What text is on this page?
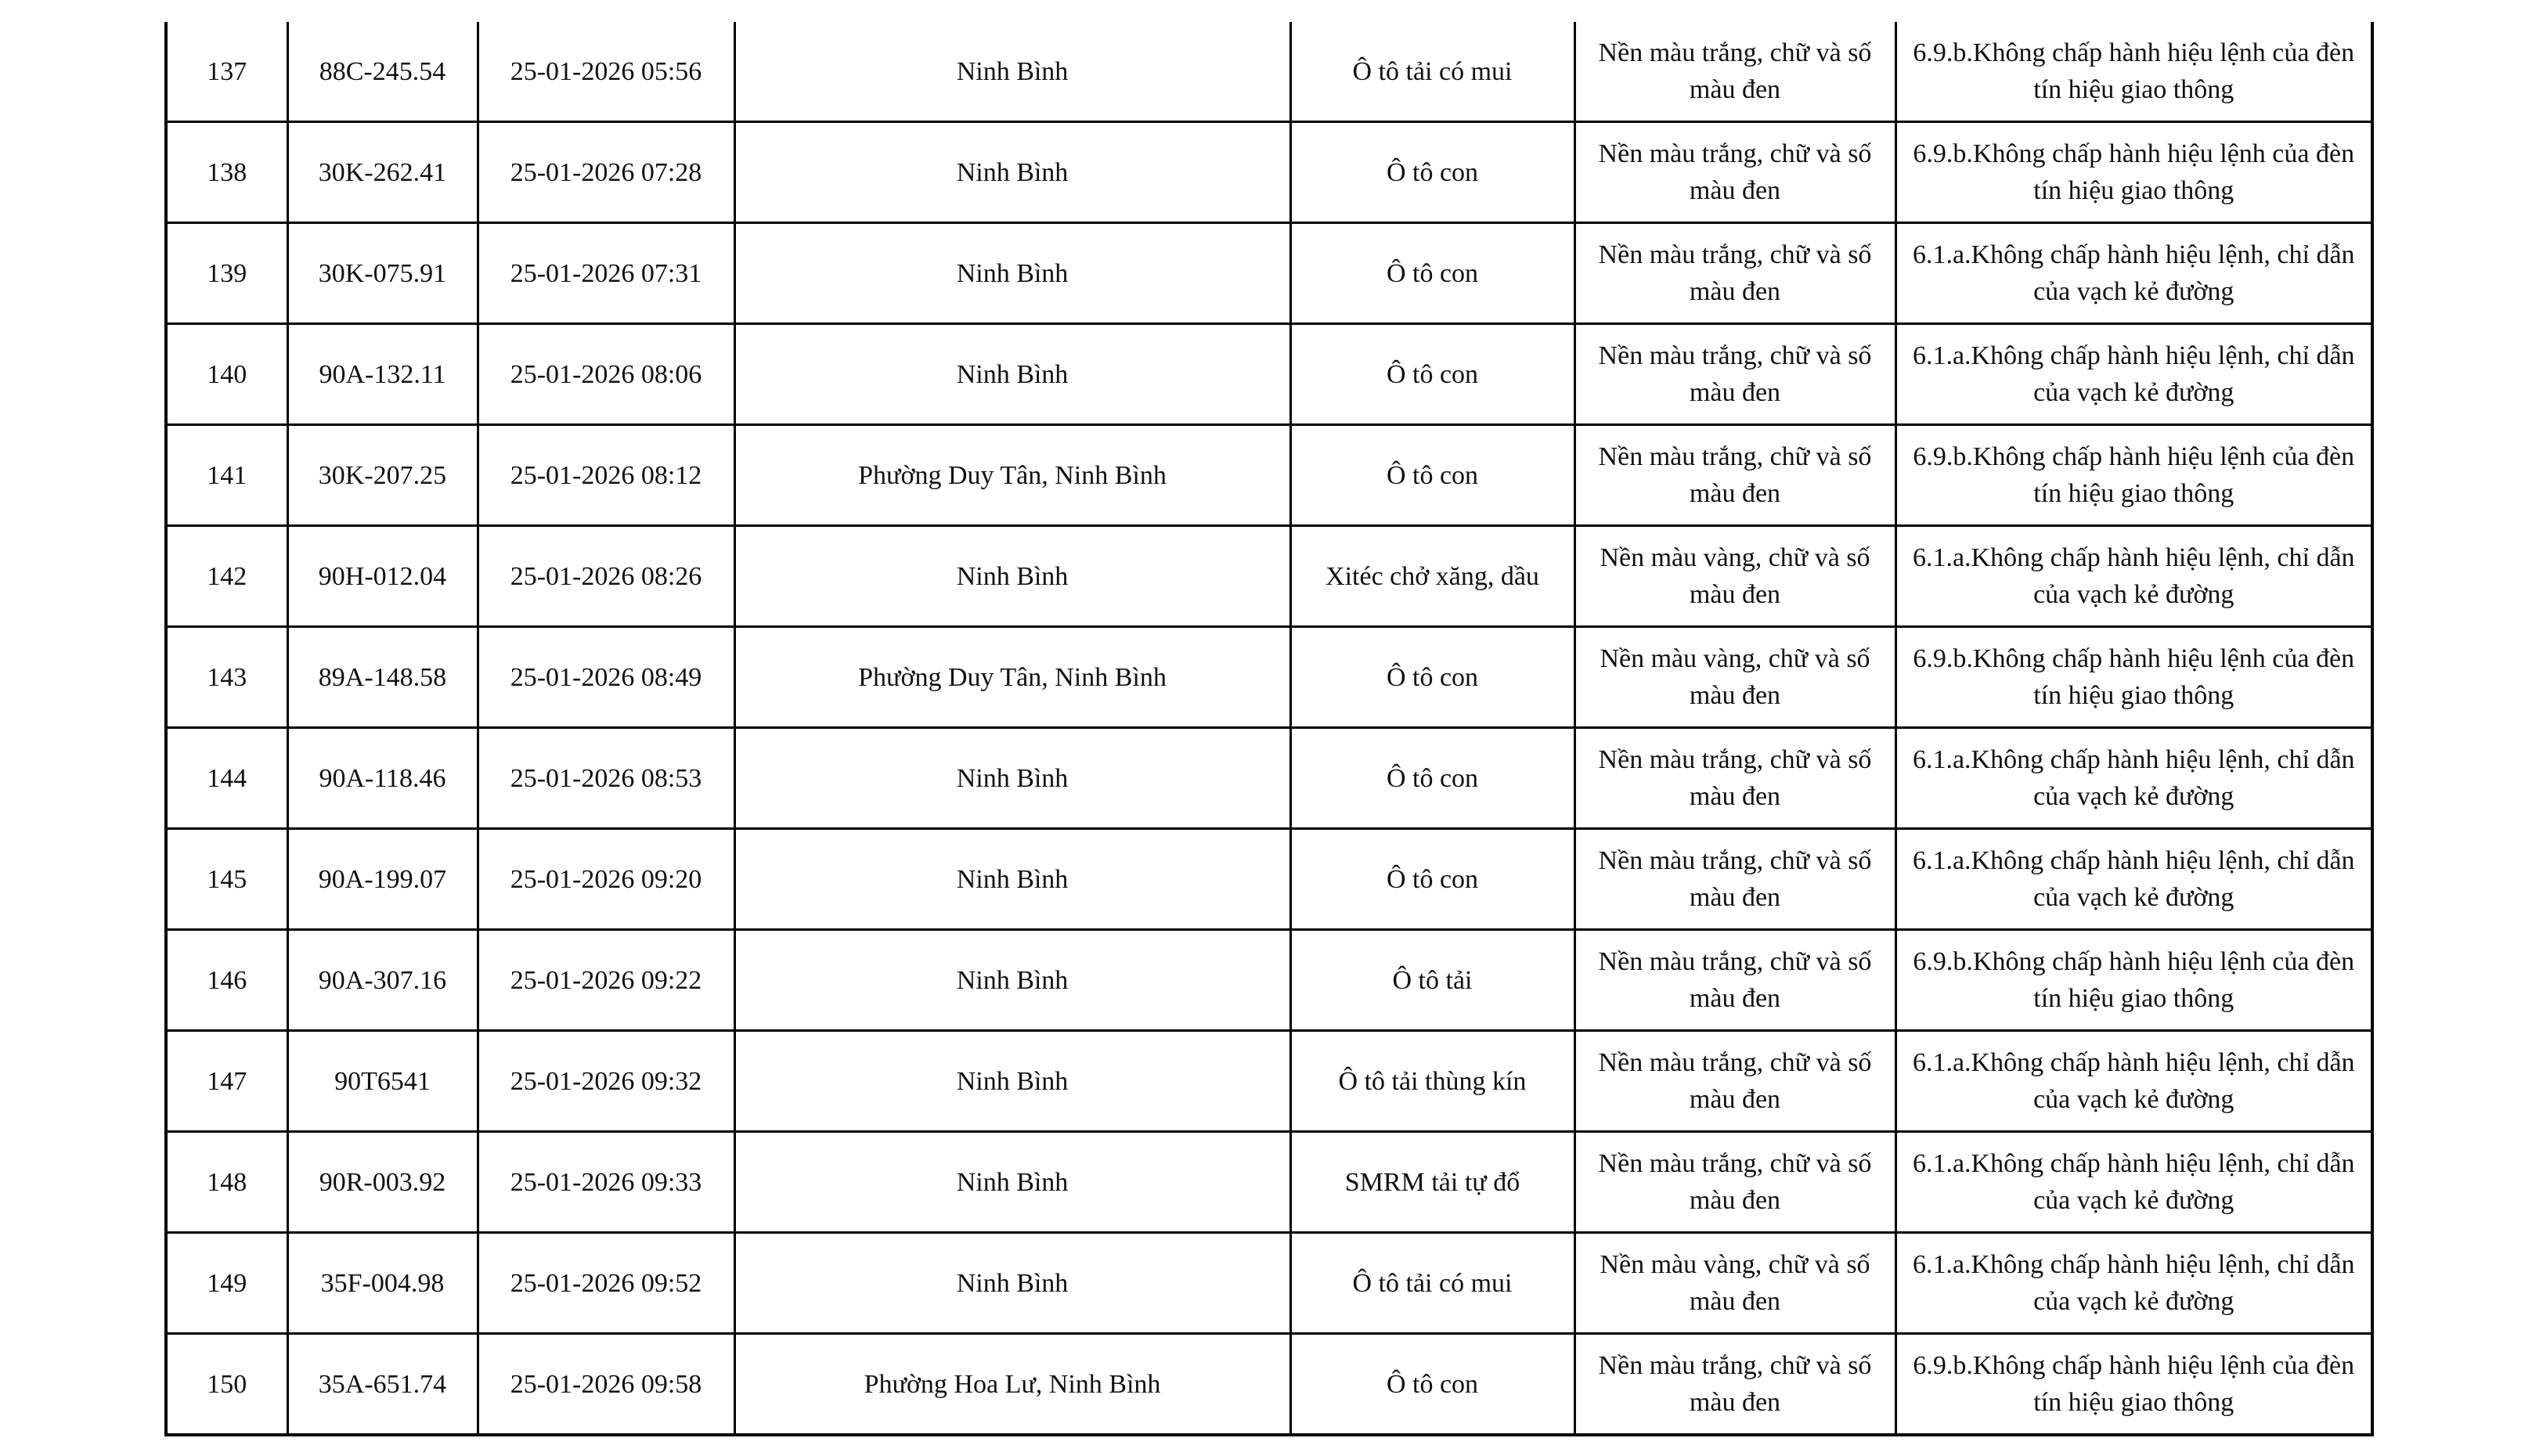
137	88C-245.54	25-01-2026 05:56	Ninh Bình	Ô tô tải có mui	Nền màu trắng, chữ và số màu đen	6.9.b.Không chấp hành hiệu lệnh của đèn tín hiệu giao thông
138	30K-262.41	25-01-2026 07:28	Ninh Bình	Ô tô con	Nền màu trắng, chữ và số màu đen	6.9.b.Không chấp hành hiệu lệnh của đèn tín hiệu giao thông
139	30K-075.91	25-01-2026 07:31	Ninh Bình	Ô tô con	Nền màu trắng, chữ và số màu đen	6.1.a.Không chấp hành hiệu lệnh, chỉ dẫn của vạch kẻ đường
140	90A-132.11	25-01-2026 08:06	Ninh Bình	Ô tô con	Nền màu trắng, chữ và số màu đen	6.1.a.Không chấp hành hiệu lệnh, chỉ dẫn của vạch kẻ đường
141	30K-207.25	25-01-2026 08:12	Phường Duy Tân, Ninh Bình	Ô tô con	Nền màu trắng, chữ và số màu đen	6.9.b.Không chấp hành hiệu lệnh của đèn tín hiệu giao thông
142	90H-012.04	25-01-2026 08:26	Ninh Bình	Xitéc chở xăng, dầu	Nền màu vàng, chữ và số màu đen	6.1.a.Không chấp hành hiệu lệnh, chỉ dẫn của vạch kẻ đường
143	89A-148.58	25-01-2026 08:49	Phường Duy Tân, Ninh Bình	Ô tô con	Nền màu vàng, chữ và số màu đen	6.9.b.Không chấp hành hiệu lệnh của đèn tín hiệu giao thông
144	90A-118.46	25-01-2026 08:53	Ninh Bình	Ô tô con	Nền màu trắng, chữ và số màu đen	6.1.a.Không chấp hành hiệu lệnh, chỉ dẫn của vạch kẻ đường
145	90A-199.07	25-01-2026 09:20	Ninh Bình	Ô tô con	Nền màu trắng, chữ và số màu đen	6.1.a.Không chấp hành hiệu lệnh, chỉ dẫn của vạch kẻ đường
146	90A-307.16	25-01-2026 09:22	Ninh Bình	Ô tô tải	Nền màu trắng, chữ và số màu đen	6.9.b.Không chấp hành hiệu lệnh của đèn tín hiệu giao thông
147	90T6541	25-01-2026 09:32	Ninh Bình	Ô tô tải thùng kín	Nền màu trắng, chữ và số màu đen	6.1.a.Không chấp hành hiệu lệnh, chỉ dẫn của vạch kẻ đường
148	90R-003.92	25-01-2026 09:33	Ninh Bình	SMRM tải tự đổ	Nền màu trắng, chữ và số màu đen	6.1.a.Không chấp hành hiệu lệnh, chỉ dẫn của vạch kẻ đường
149	35F-004.98	25-01-2026 09:52	Ninh Bình	Ô tô tải có mui	Nền màu vàng, chữ và số màu đen	6.1.a.Không chấp hành hiệu lệnh, chỉ dẫn của vạch kẻ đường
150	35A-651.74	25-01-2026 09:58	Phường Hoa Lư, Ninh Bình	Ô tô con	Nền màu trắng, chữ và số màu đen	6.9.b.Không chấp hành hiệu lệnh của đèn tín hiệu giao thông
